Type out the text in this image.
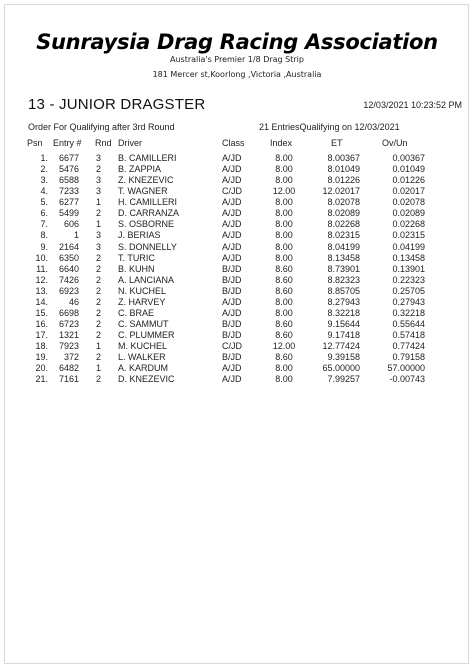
Sunraysia Drag Racing Association
Australia's Premier 1/8 Drag Strip
181 Mercer st,Koorlong ,Victoria ,Australia
13 - JUNIOR DRAGSTER	12/03/2021 10:23:52 PM
Order For Qualifying after 3rd Round	21 EntriesQualifying on 12/03/2021
Psn Entry # Rnd Driver	Class	Index	ET	Ov/Un
1.	6677 3 B. CAMILLERI	A/JD	8.00	8.00367	0.00367
2.	5476 2 B. ZAPPIA	A/JD	8.00	8.01049	0.01049
3.	6588 3 Z. KNEZEVIC	A/JD	8.00	8.01226	0.01226
4.	7233 3 T. WAGNER	C/JD	12.00	12.02017	0.02017
5.	6277 1 H. CAMILLERI	A/JD	8.00	8.02078	0.02078
6.	5499 2 D. CARRANZA	A/JD	8.00	8.02089	0.02089
7.	606 1 S. OSBORNE	A/JD	8.00	8.02268	0.02268
8.	1 3 J. BERIAS	A/JD	8.00	8.02315	0.02315
9.	2164 3 S. DONNELLY	A/JD	8.00	8.04199	0.04199
10.	6350 2 T. TURIC	A/JD	8.00	8.13458	0.13458
11.	6640 2 B. KUHN	B/JD	8.60	8.73901	0.13901
12.	7426 2 A. LANCIANA	B/JD	8.60	8.82323	0.22323
13.	6923 2 N. KUCHEL	B/JD	8.60	8.85705	0.25705
14.	46 2 Z. HARVEY	A/JD	8.00	8.27943	0.27943
15.	6698 2 C. BRAE	A/JD	8.00	8.32218	0.32218
16.	6723 2 C. SAMMUT	B/JD	8.60	9.15644	0.55644
17.	1321 2 C. PLUMMER	B/JD	8.60	9.17418	0.57418
18.	7923 1 M. KUCHEL	C/JD	12.00	12.77424	0.77424
19.	372 2 L. WALKER	B/JD	8.60	9.39158	0.79158
20.	6482 1 A. KARDUM	A/JD	8.00	65.00000	57.00000
21.	7161 2 D. KNEZEVIC	A/JD	8.00	7.99257	-0.00743
